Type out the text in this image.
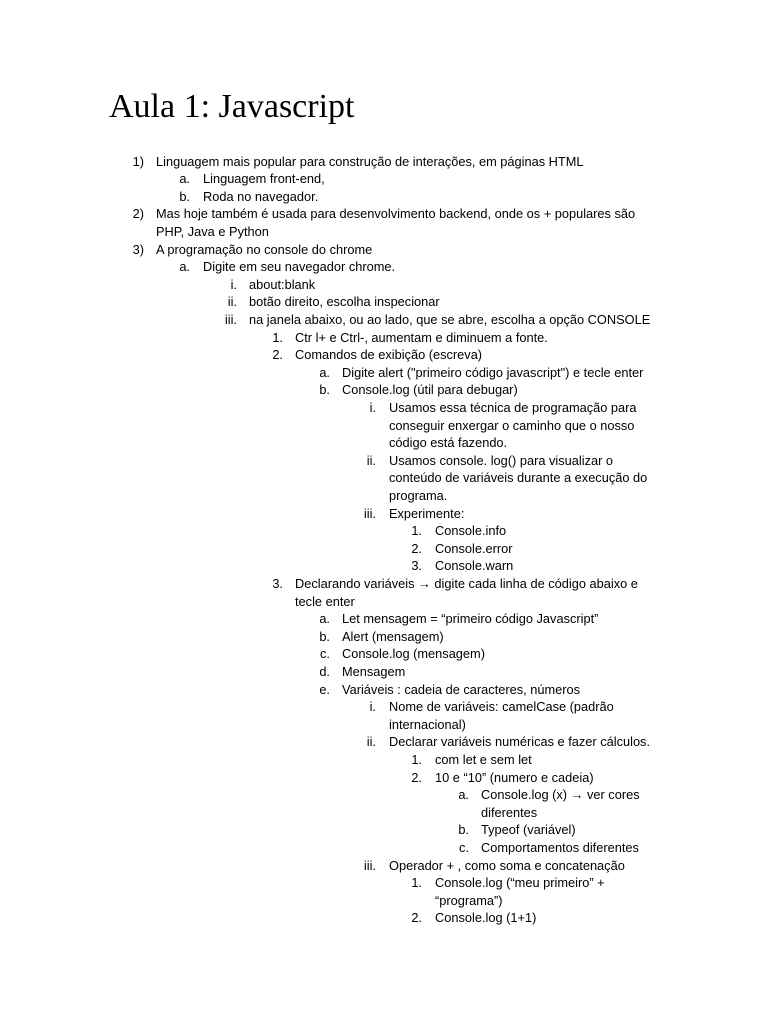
Aula 1: Javascript
1) Linguagem mais popular para construção de interações, em páginas HTML
a. Linguagem front-end,
b. Roda no navegador.
2) Mas hoje também é usada para desenvolvimento backend, onde os + populares são
PHP, Java e Python
3) A programação no console do chrome
a. Digite em seu navegador chrome.
i. about:blank
ii. botão direito, escolha inspecionar
iii. na janela abaixo, ou ao lado, que se abre, escolha a opção CONSOLE
1. Ctr l+ e Ctrl-, aumentam e diminuem a fonte.
2. Comandos de exibição (escreva)
a. Digite alert ("primeiro código javascript") e tecle enter
b. Console.log (útil para debugar)
i. Usamos essa técnica de programação para
conseguir enxergar o caminho que o nosso
código está fazendo.
ii. Usamos console. log() para visualizar o
conteúdo de variáveis durante a execução do
programa.
iii. Experimente:
1. Console.info
2. Console.error
3. Console.warn
3. Declarando variáveis → digite cada linha de código abaixo e
tecle enter
a. Let mensagem = “primeiro código Javascript”
b. Alert (mensagem)
c. Console.log (mensagem)
d. Mensagem
e. Variáveis : cadeia de caracteres, números
i. Nome de variáveis: camelCase (padrão
internacional)
ii. Declarar variáveis numéricas e fazer cálculos.
1. com let e sem let
2. 10 e “10” (numero e cadeia)
a. Console.log (x) → ver cores
diferentes
b. Typeof (variável)
c. Comportamentos diferentes
iii. Operador + , como soma e concatenação
1. Console.log (“meu primeiro” +
“programa”)
2. Console.log (1+1)
